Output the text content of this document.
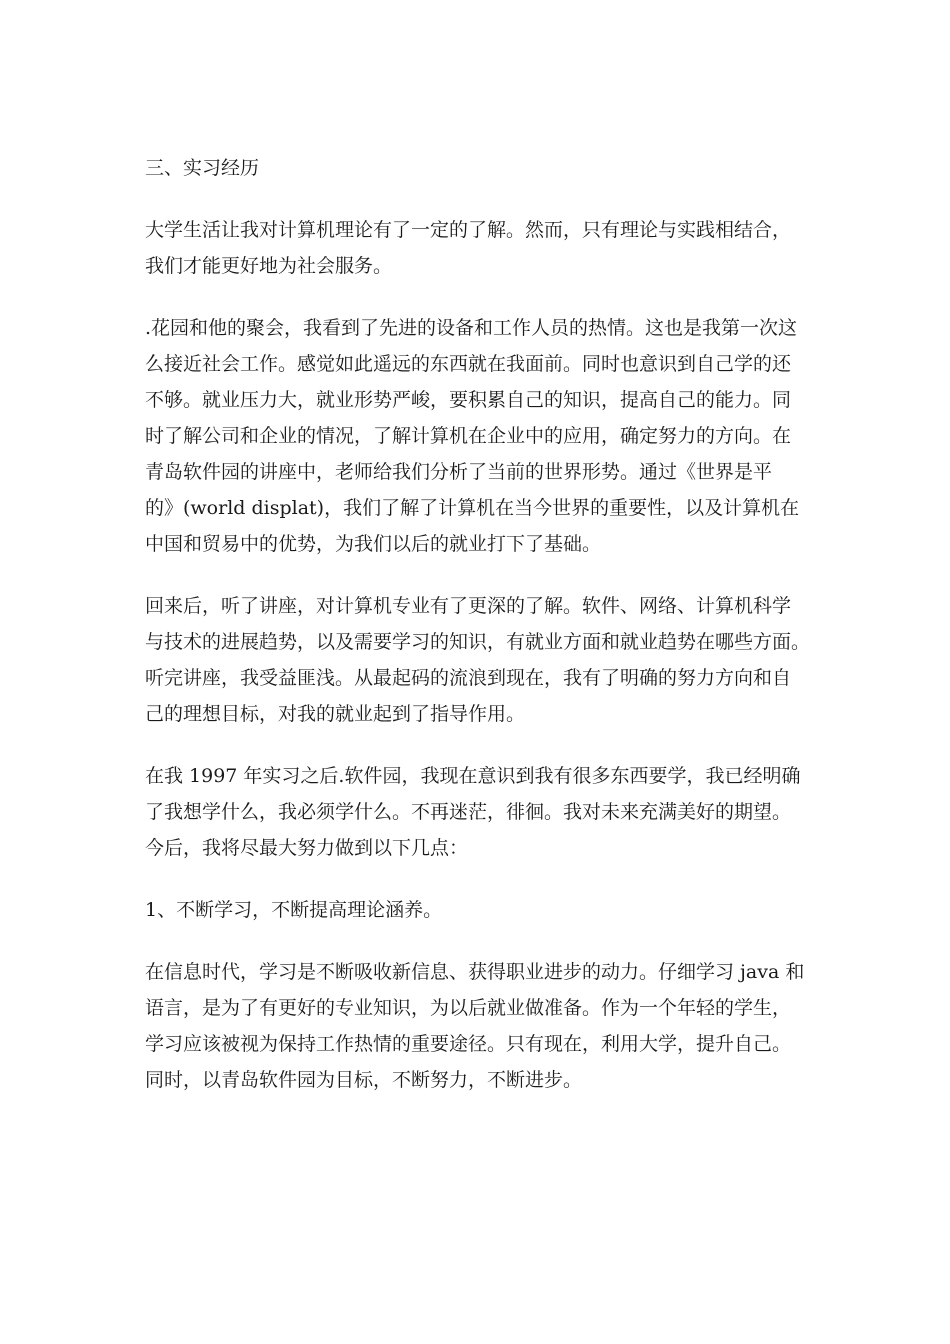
三、实习经历
大学生活让我对计算机理论有了一定的了解。然而，只有理论与实践相结合，
我们才能更好地为社会服务。
.花园和他的聚会，我看到了先进的设备和工作人员的热情。这也是我第一次这
么接近社会工作。感觉如此遥远的东西就在我面前。同时也意识到自己学的还
不够。就业压力大，就业形势严峻，要积累自己的知识，提高自己的能力。同
时了解公司和企业的情况，了解计算机在企业中的应用，确定努力的方向。在
青岛软件园的讲座中，老师给我们分析了当前的世界形势。通过《世界是平
的》(world displat)，我们了解了计算机在当今世界的重要性，以及计算机在
中国和贸易中的优势，为我们以后的就业打下了基础。
回来后，听了讲座，对计算机专业有了更深的了解。软件、网络、计算机科学
与技术的进展趋势，以及需要学习的知识，有就业方面和就业趋势在哪些方面。
听完讲座，我受益匪浅。从最起码的流浪到现在，我有了明确的努力方向和自
己的理想目标，对我的就业起到了指导作用。
在我 1997 年实习之后.软件园，我现在意识到我有很多东西要学，我已经明确
了我想学什么，我必须学什么。不再迷茫，徘徊。我对未来充满美好的期望。
今后，我将尽最大努力做到以下几点：
1、不断学习，不断提高理论涵养。
在信息时代，学习是不断吸收新信息、获得职业进步的动力。仔细学习 java 和
语言，是为了有更好的专业知识，为以后就业做准备。作为一个年轻的学生，
学习应该被视为保持工作热情的重要途径。只有现在，利用大学，提升自己。
同时，以青岛软件园为目标，不断努力，不断进步。
